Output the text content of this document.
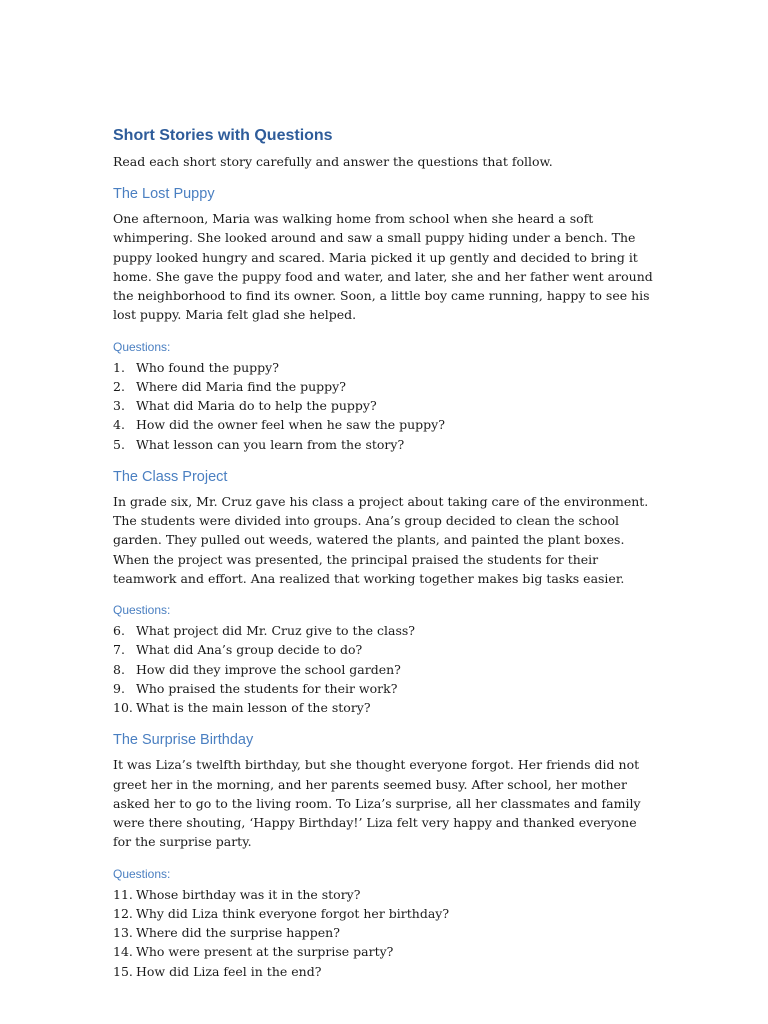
Short Stories with Questions

Read each short story carefully and answer the questions that follow.

The Lost Puppy

One afternoon, Maria was walking home from school when she heard a soft whimpering. She looked around and saw a small puppy hiding under a bench. The puppy looked hungry and scared. Maria picked it up gently and decided to bring it home. She gave the puppy food and water, and later, she and her father went around the neighborhood to find its owner. Soon, a little boy came running, happy to see his lost puppy. Maria felt glad she helped.

Questions:
1. Who found the puppy?
2. Where did Maria find the puppy?
3. What did Maria do to help the puppy?
4. How did the owner feel when he saw the puppy?
5. What lesson can you learn from the story?
The Class Project

In grade six, Mr. Cruz gave his class a project about taking care of the environment. The students were divided into groups. Ana’s group decided to clean the school garden. They pulled out weeds, watered the plants, and painted the plant boxes. When the project was presented, the principal praised the students for their teamwork and effort. Ana realized that working together makes big tasks easier.

Questions:
6. What project did Mr. Cruz give to the class?
7. What did Ana’s group decide to do?
8. How did they improve the school garden?
9. Who praised the students for their work?
10. What is the main lesson of the story?
The Surprise Birthday

It was Liza’s twelfth birthday, but she thought everyone forgot. Her friends did not greet her in the morning, and her parents seemed busy. After school, her mother asked her to go to the living room. To Liza’s surprise, all her classmates and family were there shouting, ‘Happy Birthday!’ Liza felt very happy and thanked everyone for the surprise party.

Questions:
11. Whose birthday was it in the story?
12. Why did Liza think everyone forgot her birthday?
13. Where did the surprise happen?
14. Who were present at the surprise party?
15. How did Liza feel in the end?
